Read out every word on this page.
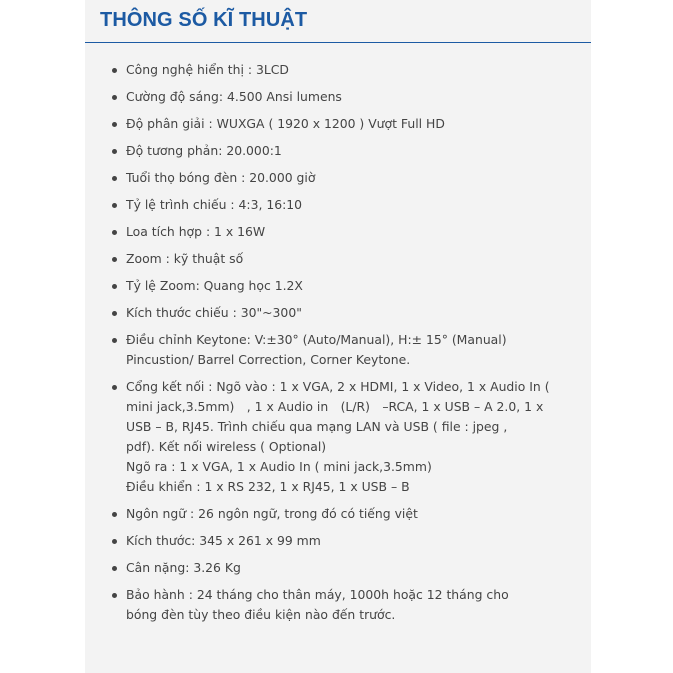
THÔNG SỐ KĨ THUẬT
Công nghệ hiển thị : 3LCD
Cường độ sáng: 4.500 Ansi lumens
Độ phân giải : WUXGA ( 1920 x 1200 ) Vượt Full HD
Độ tương phản: 20.000:1
Tuổi thọ bóng đèn : 20.000 giờ
Tỷ lệ trình chiếu : 4:3, 16:10
Loa tích hợp : 1 x 16W
Zoom : kỹ thuật số
Tỷ lệ Zoom: Quang học 1.2X
Kích thước chiếu : 30"~300"
Điều chỉnh Keytone: V:±30° (Auto/Manual), H:± 15° (Manual)
Pincustion/ Barrel Correction, Corner Keytone.
Cổng kết nối : Ngõ vào : 1 x VGA, 2 x HDMI, 1 x Video, 1 x Audio In (
mini jack,3.5mm)　, 1 x Audio in　(L/R)　–RCA, 1 x USB – A 2.0, 1 x
USB – B, RJ45. Trình chiếu qua mạng LAN và USB ( file : jpeg ,
pdf). Kết nối wireless ( Optional)
Ngõ ra : 1 x VGA, 1 x Audio In ( mini jack,3.5mm)
Điều khiển : 1 x RS 232, 1 x RJ45, 1 x USB – B
Ngôn ngữ : 26 ngôn ngữ, trong đó có tiếng việt
Kích thước: 345 x 261 x 99 mm
Cân nặng: 3.26 Kg
Bảo hành : 24 tháng cho thân máy, 1000h hoặc 12 tháng cho
bóng đèn tùy theo điều kiện nào đến trước.
